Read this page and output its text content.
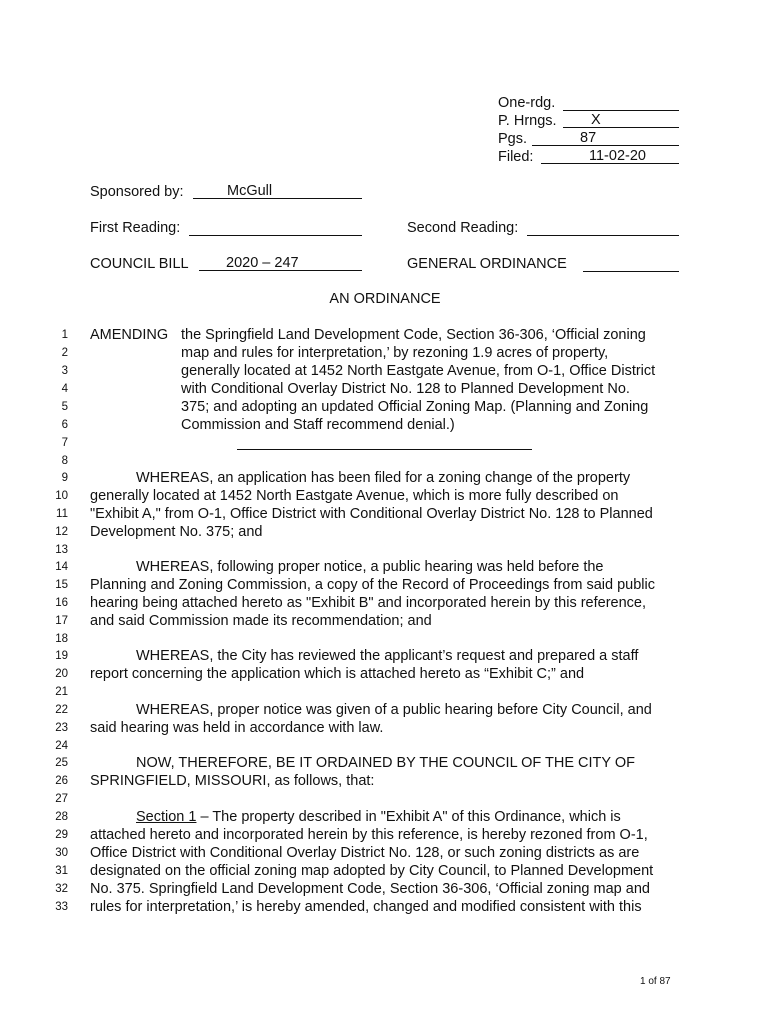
One-rdg.
P. Hrngs.	X
Pgs.	87
Filed:	11-02-20
Sponsored by:	McGull
First Reading:	Second Reading:
COUNCIL BILL	2020 – 247	GENERAL ORDINANCE
AN ORDINANCE
1
2
3
4
5
6
7
8
9
10
11
12
13
14
15
16
17
18
19
20
21
22
23
24
25
26
27
28
29
30
31
32
33
AMENDING the Springfield Land Development Code, Section 36-306, ‘Official zoning
map and rules for interpretation,’ by rezoning 1.9 acres of property,
generally located at 1452 North Eastgate Avenue, from O-1, Office District
with Conditional Overlay District No. 128 to Planned Development No.
375; and adopting an updated Official Zoning Map. (Planning and Zoning
Commission and Staff recommend denial.)
WHEREAS, an application has been filed for a zoning change of the property
generally located at 1452 North Eastgate Avenue, which is more fully described on
"Exhibit A," from O-1, Office District with Conditional Overlay District No. 128 to Planned
Development No. 375; and
WHEREAS, following proper notice, a public hearing was held before the
Planning and Zoning Commission, a copy of the Record of Proceedings from said public
hearing being attached hereto as "Exhibit B" and incorporated herein by this reference,
and said Commission made its recommendation; and
WHEREAS, the City has reviewed the applicant’s request and prepared a staff
report concerning the application which is attached hereto as “Exhibit C;” and
WHEREAS, proper notice was given of a public hearing before City Council, and
said hearing was held in accordance with law.
NOW, THEREFORE, BE IT ORDAINED BY THE COUNCIL OF THE CITY OF
SPRINGFIELD, MISSOURI, as follows, that:
Section 1 – The property described in "Exhibit A" of this Ordinance, which is
attached hereto and incorporated herein by this reference, is hereby rezoned from O-1,
Office District with Conditional Overlay District No. 128, or such zoning districts as are
designated on the official zoning map adopted by City Council, to Planned Development
No. 375. Springfield Land Development Code, Section 36-306, ‘Official zoning map and
rules for interpretation,’ is hereby amended, changed and modified consistent with this
1 of 87
